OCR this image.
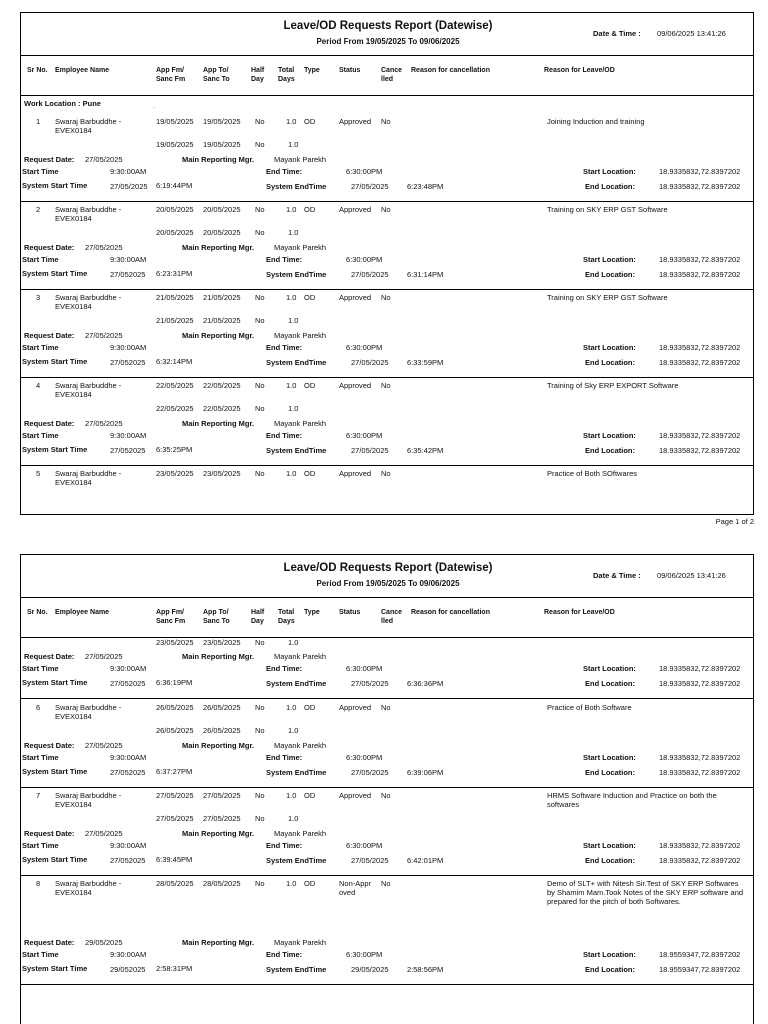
Leave/OD Requests Report (Datewise)
Period From 19/05/2025 To 09/06/2025
Date & Time : 09/06/2025 13:41:26
Sr No. Employee Name	App Fm/
Sanc Fm
App To/
Sanc To
Half
Day
Total
Days
Type	Status	Cance
lled
Reason for cancellation	Reason for Leave/OD
Work Location : Pune	·
1 Swaraj Barbuddhe - EVEX0184
19/05/2025 19/05/2025 No	1.0 OD	Approved	No	Joining Induction and training
19/05/2025 19/05/2025 No	1.0
Request Date: 27/05/2025	Main Reporting Mgr.	Mayank Parekh
Start Time	9:30:00AM	End Time:	6:30:00PM	Start Location:	18.9335832,72.8397202
System Start Time	27/05/2025 6:19:44PM	System EndTime	27/05/2025 6:23:48PM	End Location:	18.9335832,72.8397202
2 Swaraj Barbuddhe - EVEX0184
20/05/2025 20/05/2025 No	1.0 OD	Approved	No	Training on SKY ERP GST Software
20/05/2025 20/05/2025 No	1.0
Request Date: 27/05/2025	Main Reporting Mgr.	Mayank Parekh
Start Time	9:30:00AM	End Time:	6:30:00PM	Start Location:	18.9335832,72.8397202
System Start Time	27/052025 6:23:31PM	System EndTime	27/05/2025 6:31:14PM	End Location:	18.9335832,72.8397202
3 Swaraj Barbuddhe - EVEX0184
21/05/2025 21/05/2025 No	1.0 OD	Approved	No	Training on SKY ERP GST Software
21/05/2025 21/05/2025 No	1.0
Request Date: 27/05/2025	Main Reporting Mgr.	Mayank Parekh
Start Time	9:30:00AM	End Time:	6:30:00PM	Start Location:	18.9335832,72.8397202
System Start Time	27/052025 6:32:14PM	System EndTime	27/05/2025 6:33:59PM	End Location:	18.9335832,72.8397202
4 Swaraj Barbuddhe - EVEX0184
22/05/2025 22/05/2025 No	1.0 OD	Approved	No	Training of Sky ERP EXPORT Software
22/05/2025 22/05/2025 No	1.0
Request Date: 27/05/2025	Main Reporting Mgr.	Mayank Parekh
Start Time	9:30:00AM	End Time:	6:30:00PM	Start Location:	18.9335832,72.8397202
System Start Time	27/052025 6:35:25PM	System EndTime	27/05/2025 6:35:42PM	End Location:	18.9335832,72.8397202
5 Swaraj Barbuddhe - EVEX0184
23/05/2025 23/05/2025 No	1.0 OD	Approved	No	Practice of Both SOftwares
Page 1 of 2
Leave/OD Requests Report (Datewise)
Period From 19/05/2025 To 09/06/2025
Date & Time : 09/06/2025 13:41:26
Sr No. Employee Name	App Fm/
Sanc Fm
App To/
Sanc To
Half
Day
Total
Days
Type	Status	Cance
lled
Reason for cancellation	Reason for Leave/OD
23/05/2025 23/05/2025 No	1.0
Request Date: 27/05/2025	Main Reporting Mgr.	Mayank Parekh
Start Time	9:30:00AM	End Time:	6:30:00PM	Start Location:	18.9335832,72.8397202
System Start Time	27/052025 6:36:19PM	System EndTime	27/05/2025 6:36:36PM	End Location:	18.9335832,72.8397202
6 Swaraj Barbuddhe - EVEX0184
26/05/2025 26/05/2025 No	1.0 OD	Approved	No	Practice of Both Software
26/05/2025 26/05/2025 No	1.0
Request Date: 27/05/2025	Main Reporting Mgr.	Mayank Parekh
Start Time	9:30:00AM	End Time:	6:30:00PM	Start Location:	18.9335832,72.8397202
System Start Time	27/052025 6:37:27PM	System EndTime	27/05/2025 6:39:06PM	End Location:	18.9335832,72.8397202
7 Swaraj Barbuddhe - EVEX0184
27/05/2025 27/05/2025 No	1.0 OD	Approved	No	HRMS Software Induction and Practice on both the softwares
27/05/2025 27/05/2025 No	1.0
Request Date: 27/05/2025	Main Reporting Mgr.	Mayank Parekh
Start Time	9:30:00AM	End Time:	6:30:00PM	Start Location:	18.9335832,72.8397202
System Start Time	27/052025 6:39:45PM	System EndTime	27/05/2025 6:42:01PM	End Location:	18.9335832,72.8397202
8 Swaraj Barbuddhe - EVEX0184
28/05/2025 28/05/2025 No	1.0 OD	Non-Appr oved
No	Demo of SLT+ with Nitesh Sir.Test of SKY ERP Softwares by Shamim Mam.Took Notes of the SKY ERP software and prepared for the pitch of both Softwares.
Request Date: 29/05/2025	Main Reporting Mgr.	Mayank Parekh
Start Time	9:30:00AM	End Time:	6:30:00PM	Start Location:	18.9559347,72.8397202
System Start Time	29/052025 2:58:31PM	System EndTime	29/05/2025 2:58:56PM	End Location:	18.9559347,72.8397202
